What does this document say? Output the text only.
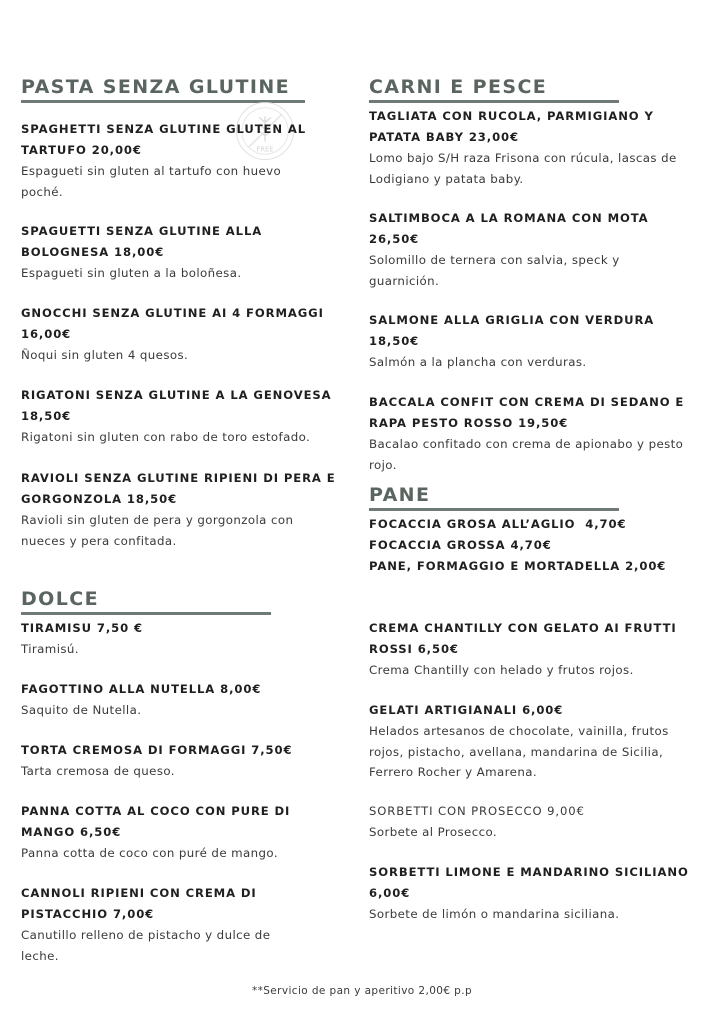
PASTA SENZA GLUTINE
FREE
SPAGHETTI SENZA GLUTINE GLUTEN AL TARTUFO 20,00€
Espagueti sin gluten al tartufo con huevo poché.
SPAGUETTI SENZA GLUTINE ALLA BOLOGNESA 18,00€
Espagueti sin gluten a la boloñesa.
GNOCCHI SENZA GLUTINE AI 4 FORMAGGI 16,00€
Ñoqui sin gluten 4 quesos.
RIGATONI SENZA GLUTINE A LA GENOVESA 18,50€
Rigatoni sin gluten con rabo de toro estofado.
RAVIOLI SENZA GLUTINE RIPIENI DI PERA E GORGONZOLA 18,50€
Ravioli sin gluten de pera y gorgonzola con nueces y pera confitada.
CARNI E PESCE
TAGLIATA CON RUCOLA, PARMIGIANO Y PATATA BABY 23,00€
Lomo bajo S/H raza Frisona con rúcula, lascas de Lodigiano y patata baby.
SALTIMBOCA A LA ROMANA CON MOTA 26,50€
Solomillo de ternera con salvia, speck y guarnición.
SALMONE ALLA GRIGLIA CON VERDURA 18,50€
Salmón a la plancha con verduras.
BACCALA CONFIT CON CREMA DI SEDANO E RAPA PESTO ROSSO 19,50€
Bacalao confitado con crema de apionabo y pesto rojo.
PANE
FOCACCIA GROSA ALL’AGLIO  4,70€
FOCACCIA GROSSA 4,70€
PANE, FORMAGGIO E MORTADELLA 2,00€
DOLCE
TIRAMISU 7,50 €
Tiramisú.
FAGOTTINO ALLA NUTELLA 8,00€
Saquito de Nutella.
TORTA CREMOSA DI FORMAGGI 7,50€
Tarta cremosa de queso.
PANNA COTTA AL COCO CON PURE DI MANGO 6,50€
Panna cotta de coco con puré de mango.
CANNOLI RIPIENI CON CREMA DI PISTACCHIO 7,00€
Canutillo relleno de pistacho y dulce de leche.
CREMA CHANTILLY CON GELATO AI FRUTTI ROSSI 6,50€
Crema Chantilly con helado y frutos rojos.
GELATI ARTIGIANALI 6,00€
Helados artesanos de chocolate, vainilla, frutos rojos, pistacho, avellana, mandarina de Sicilia, Ferrero Rocher y Amarena.
SORBETTI CON PROSECCO 9,00€
Sorbete al Prosecco.
SORBETTI LIMONE E MANDARINO SICILIANO 6,00€
Sorbete de limón o mandarina siciliana.
**Servicio de pan y aperitivo 2,00€ p.p
